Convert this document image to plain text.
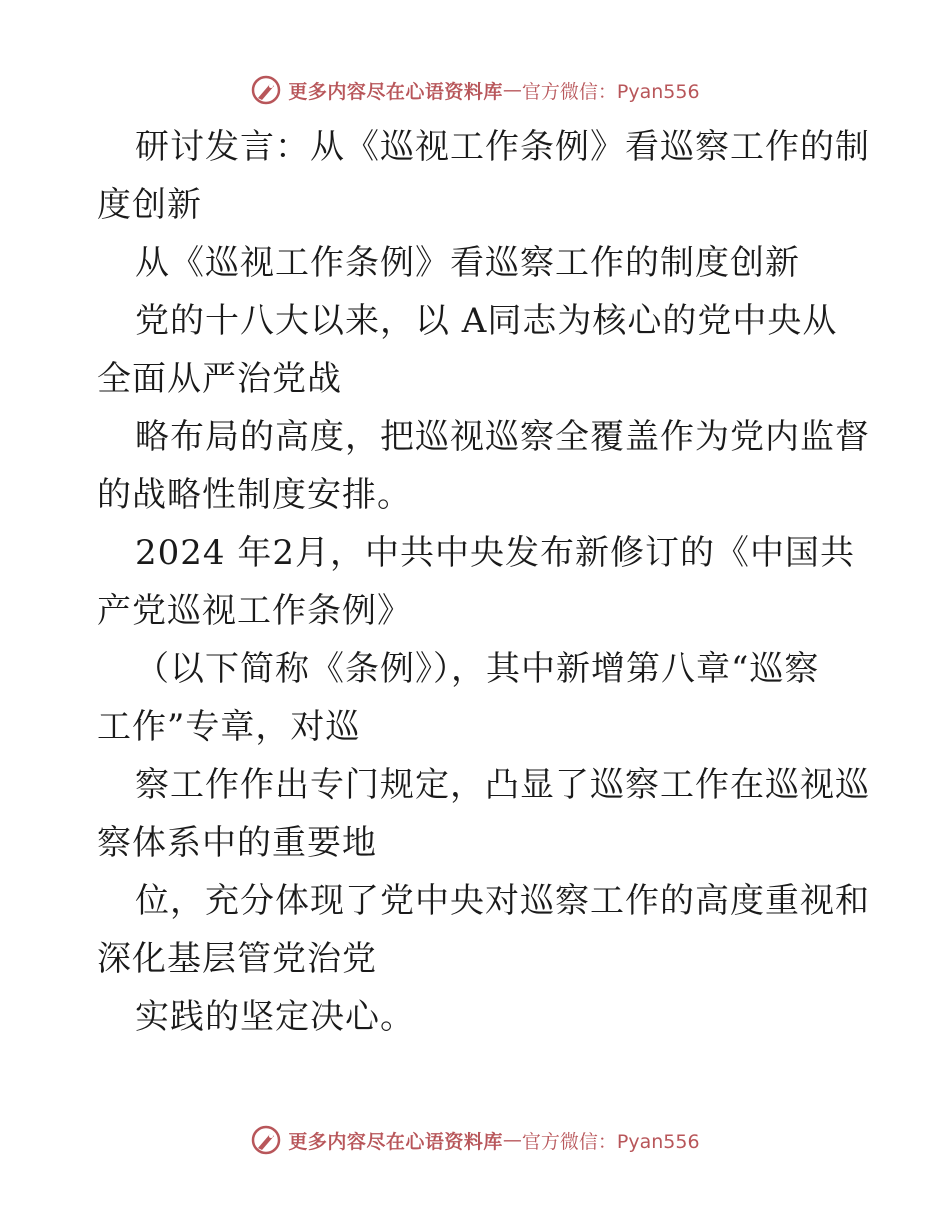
更多内容尽在心语资料库 — 官方微信：Pyan556
研讨发言：从《巡视工作条例》看巡察工作的制
度创新
从《巡视工作条例》看巡察工作的制度创新
党的十八大以来，以 A同志为核心的党中央从
全面从严治党战
略布局的高度，把巡视巡察全覆盖作为党内监督
的战略性制度安排。
2024 年2月，中共中央发布新修订的《中国共
产党巡视工作条例》
（以下简称《条例》），其中新增第八章“巡察
工作”专章，对巡
察工作作出专门规定，凸显了巡察工作在巡视巡
察体系中的重要地
位，充分体现了党中央对巡察工作的高度重视和
深化基层管党治党
实践的坚定决心。
更多内容尽在心语资料库 — 官方微信：Pyan556
